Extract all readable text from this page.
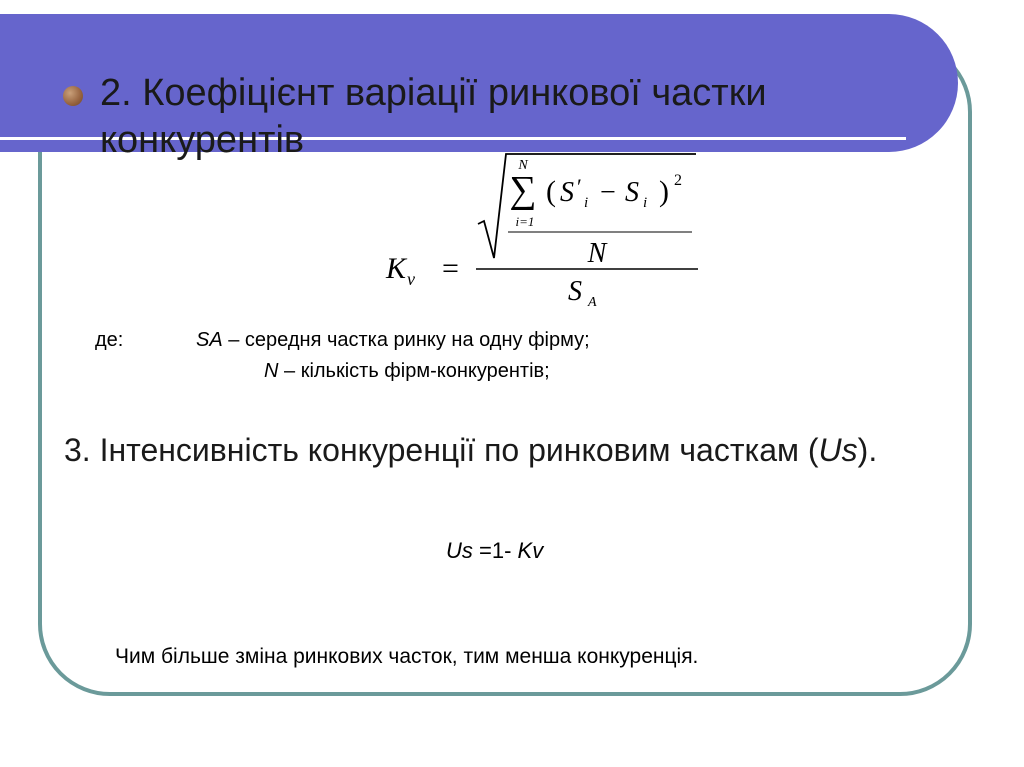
2. Коефіцієнт варіації ринкової частки конкурентів
K v =
N
∑
i=1
( S ′
i − S i ) 2
N
S A
де:	SA – середня частка ринку на одну фірму;
N – кількість фірм-конкурентів;
3. Інтенсивність конкуренції по ринковим часткам (Us).
Us =1- Kv
Чим більше зміна ринкових часток, тим менша конкуренція.
